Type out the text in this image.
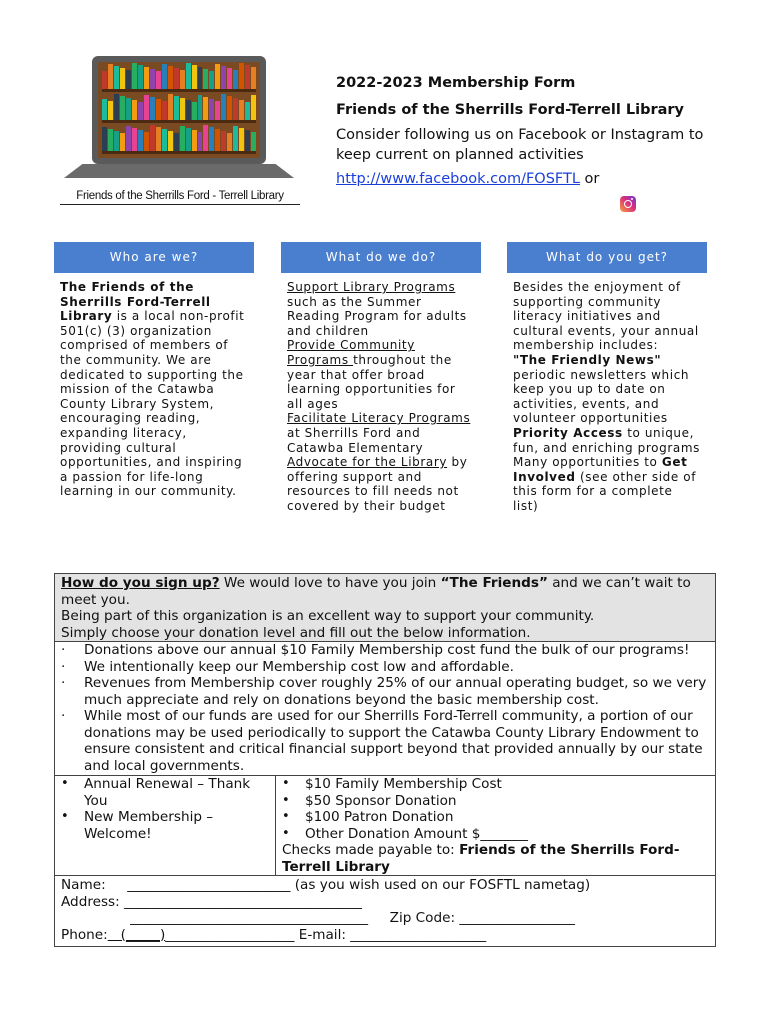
Friends of the Sherrills Ford - Terrell Library
2022-2023 Membership Form
Friends of the Sherrills Ford-Terrell Library
Consider following us on Facebook or Instagram to keep current on planned activities
http://www.facebook.com/FOSFTL or
Who are we?
The Friends of the Sherrills Ford-Terrell Library is a local non-profit 501(c) (3) organization comprised of members of the community. We are dedicated to supporting the mission of the Catawba County Library System, encouraging reading, expanding literacy, providing cultural opportunities, and inspiring a passion for life-long learning in our community.
What do we do?
Support Library Programs such as the Summer Reading Program for adults and children
Provide Community Programs throughout the year that offer broad learning opportunities for all ages
Facilitate Literacy Programs at Sherrills Ford and Catawba Elementary
Advocate for the Library by offering support and resources to fill needs not covered by their budget
What do you get?
Besides the enjoyment of supporting community literacy initiatives and cultural events, your annual membership includes:
"The Friendly News" periodic newsletters which keep you up to date on activities, events, and volunteer opportunities
Priority Access to unique, fun, and enriching programs
Many opportunities to Get Involved (see other side of this form for a complete list)
How do you sign up? We would love to have you join “The Friends” and we can’t wait to meet you.
Being part of this organization is an excellent way to support your community.
Simply choose your donation level and fill out the below information.
·	Donations above our annual $10 Family Membership cost fund the bulk of our programs!
·	We intentionally keep our Membership cost low and affordable.
·	Revenues from Membership cover roughly 25% of our annual operating budget, so we very much appreciate and rely on donations beyond the basic membership cost.
·	While most of our funds are used for our Sherrills Ford-Terrell community, a portion of our donations may be used periodically to support the Catawba County Library Endowment to ensure consistent and critical financial support beyond that provided annually by our state and local governments.
•	Annual Renewal – Thank You
•	New Membership – Welcome!
•	$10 Family Membership Cost
•	$50 Sponsor Donation
•	$100 Patron Donation
•	Other Donation Amount $_______
Checks made payable to: Friends of the Sherrills Ford-Terrell Library
Name:     ________________________ (as you wish used on our FOSFTL nametag)
Address: ___________________________________
___________________________________     Zip Code: _________________
Phone:   (_____)___________________ E-mail: ____________________
